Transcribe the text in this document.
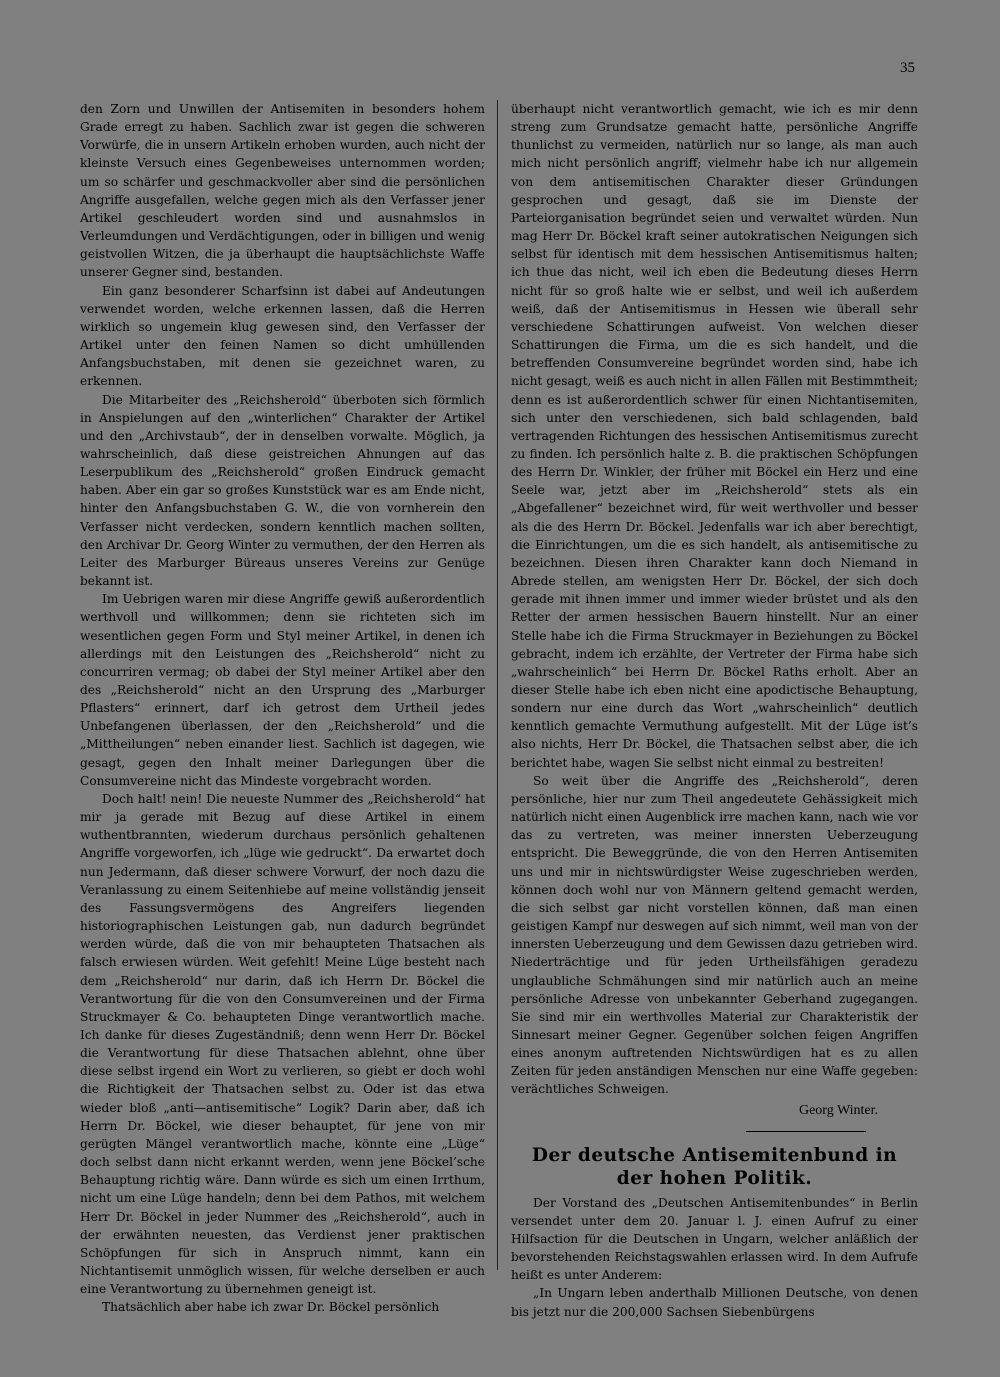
35

den Zorn und Unwillen der Antisemiten in besonders hohem Grade erregt zu haben. Sachlich zwar ist gegen die schweren Vorwürfe, die in unsern Artikeln erhoben wurden, auch nicht der kleinste Versuch eines Gegenbeweises unternommen worden; um so schärfer und geschmackvoller aber sind die persönlichen Angriffe ausgefallen, welche gegen mich als den Verfasser jener Artikel geschleudert worden sind und ausnahmslos in Verleumdungen und Verdächtigungen, oder in billigen und wenig geistvollen Witzen, die ja überhaupt die hauptsächlichste Waffe unserer Gegner sind, bestanden.

Ein ganz besonderer Scharfsinn ist dabei auf Andeutungen verwendet worden, welche erkennen lassen, daß die Herren wirklich so ungemein klug gewesen sind, den Verfasser der Artikel unter den feinen Namen so dicht umhüllenden Anfangsbuchstaben, mit denen sie gezeichnet waren, zu erkennen.

Die Mitarbeiter des „Reichsherold“ überboten sich förmlich in Anspielungen auf den „winterlichen“ Charakter der Artikel und den „Archivstaub“, der in denselben vorwalte. Möglich, ja wahrscheinlich, daß diese geistreichen Ahnungen auf das Leserpublikum des „Reichsherold“ großen Eindruck gemacht haben. Aber ein gar so großes Kunststück war es am Ende nicht, hinter den Anfangsbuchstaben G. W., die von vornherein den Verfasser nicht verdecken, sondern kenntlich machen sollten, den Archivar Dr. Georg Winter zu vermuthen, der den Herren als Leiter des Marburger Büreaus unseres Vereins zur Genüge bekannt ist.

Im Uebrigen waren mir diese Angriffe gewiß außerordentlich werthvoll und willkommen; denn sie richteten sich im wesentlichen gegen Form und Styl meiner Artikel, in denen ich allerdings mit den Leistungen des „Reichsherold“ nicht zu concurriren vermag; ob dabei der Styl meiner Artikel aber den des „Reichsherold“ nicht an den Ursprung des „Marburger Pflasters“ erinnert, darf ich getrost dem Urtheil jedes Unbefangenen überlassen, der den „Reichsherold“ und die „Mittheilungen“ neben einander liest. Sachlich ist dagegen, wie gesagt, gegen den Inhalt meiner Darlegungen über die Consumvereine nicht das Mindeste vorgebracht worden.

Doch halt! nein! Die neueste Nummer des „Reichsherold“ hat mir ja gerade mit Bezug auf diese Artikel in einem wuthentbrannten, wiederum durchaus persönlich gehaltenen Angriffe vorgeworfen, ich „lüge wie gedruckt“. Da erwartet doch nun Jedermann, daß dieser schwere Vorwurf, der noch dazu die Veranlassung zu einem Seitenhiebe auf meine vollständig jenseit des Fassungsvermögens des Angreifers liegenden historiographischen Leistungen gab, nun dadurch begründet werden würde, daß die von mir behaupteten Thatsachen als falsch erwiesen würden. Weit gefehlt! Meine Lüge besteht nach dem „Reichsherold“ nur darin, daß ich Herrn Dr. Böckel die Verantwortung für die von den Consumvereinen und der Firma Struckmayer & Co. behaupteten Dinge verantwortlich mache. Ich danke für dieses Zugeständniß; denn wenn Herr Dr. Böckel die Verantwortung für diese Thatsachen ablehnt, ohne über diese selbst irgend ein Wort zu verlieren, so giebt er doch wohl die Richtigkeit der Thatsachen selbst zu. Oder ist das etwa wieder bloß „anti—antisemitische“ Logik? Darin aber, daß ich Herrn Dr. Böckel, wie dieser behauptet, für jene von mir gerügten Mängel verantwortlich mache, könnte eine „Lüge“ doch selbst dann nicht erkannt werden, wenn jene Böckel’sche Behauptung richtig wäre. Dann würde es sich um einen Irrthum, nicht um eine Lüge handeln; denn bei dem Pathos, mit welchem Herr Dr. Böckel in jeder Nummer des „Reichsherold“, auch in der erwähnten neuesten, das Verdienst jener praktischen Schöpfungen für sich in Anspruch nimmt, kann ein Nichtantisemit unmöglich wissen, für welche derselben er auch eine Verantwortung zu übernehmen geneigt ist.

Thatsächlich aber habe ich zwar Dr. Böckel persönlich

überhaupt nicht verantwortlich gemacht, wie ich es mir denn streng zum Grundsatze gemacht hatte, persönliche Angriffe thunlichst zu vermeiden, natürlich nur so lange, als man auch mich nicht persönlich angriff; vielmehr habe ich nur allgemein von dem antisemitischen Charakter dieser Gründungen gesprochen und gesagt, daß sie im Dienste der Parteiorganisation begründet seien und verwaltet würden. Nun mag Herr Dr. Böckel kraft seiner autokratischen Neigungen sich selbst für identisch mit dem hessischen Antisemitismus halten; ich thue das nicht, weil ich eben die Bedeutung dieses Herrn nicht für so groß halte wie er selbst, und weil ich außerdem weiß, daß der Antisemitismus in Hessen wie überall sehr verschiedene Schattirungen aufweist. Von welchen dieser Schattirungen die Firma, um die es sich handelt, und die betreffenden Consumvereine begründet worden sind, habe ich nicht gesagt, weiß es auch nicht in allen Fällen mit Bestimmtheit; denn es ist außerordentlich schwer für einen Nichtantisemiten, sich unter den verschiedenen, sich bald schlagenden, bald vertragenden Richtungen des hessischen Antisemitismus zurecht zu finden. Ich persönlich halte z. B. die praktischen Schöpfungen des Herrn Dr. Winkler, der früher mit Böckel ein Herz und eine Seele war, jetzt aber im „Reichsherold“ stets als ein „Abgefallener“ bezeichnet wird, für weit werthvoller und besser als die des Herrn Dr. Böckel. Jedenfalls war ich aber berechtigt, die Einrichtungen, um die es sich handelt, als antisemitische zu bezeichnen. Diesen ihren Charakter kann doch Niemand in Abrede stellen, am wenigsten Herr Dr. Böckel, der sich doch gerade mit ihnen immer und immer wieder brüstet und als den Retter der armen hessischen Bauern hinstellt. Nur an einer Stelle habe ich die Firma Struckmayer in Beziehungen zu Böckel gebracht, indem ich erzählte, der Vertreter der Firma habe sich „wahrscheinlich“ bei Herrn Dr. Böckel Raths erholt. Aber an dieser Stelle habe ich eben nicht eine apodictische Behauptung, sondern nur eine durch das Wort „wahrscheinlich“ deutlich kenntlich gemachte Vermuthung aufgestellt. Mit der Lüge ist’s also nichts, Herr Dr. Böckel, die Thatsachen selbst aber, die ich berichtet habe, wagen Sie selbst nicht einmal zu bestreiten!

So weit über die Angriffe des „Reichsherold“, deren persönliche, hier nur zum Theil angedeutete Gehässigkeit mich natürlich nicht einen Augenblick irre machen kann, nach wie vor das zu vertreten, was meiner innersten Ueberzeugung entspricht. Die Beweggründe, die von den Herren Antisemiten uns und mir in nichtswürdigster Weise zugeschrieben werden, können doch wohl nur von Männern geltend gemacht werden, die sich selbst gar nicht vorstellen können, daß man einen geistigen Kampf nur deswegen auf sich nimmt, weil man von der innersten Ueberzeugung und dem Gewissen dazu getrieben wird. Niederträchtige und für jeden Urtheilsfähigen geradezu unglaubliche Schmähungen sind mir natürlich auch an meine persönliche Adresse von unbekannter Geberhand zugegangen. Sie sind mir ein werthvolles Material zur Charakteristik der Sinnesart meiner Gegner. Gegenüber solchen feigen Angriffen eines anonym auftretenden Nichtswürdigen hat es zu allen Zeiten für jeden anständigen Menschen nur eine Waffe gegeben: verächtliches Schweigen.

Georg Winter.
Der deutsche Antisemitenbund in der hohen Politik.

Der Vorstand des „Deutschen Antisemitenbundes“ in Berlin versendet unter dem 20. Januar l. J. einen Aufruf zu einer Hilfsaction für die Deutschen in Ungarn, welcher anläßlich der bevorstehenden Reichstagswahlen erlassen wird. In dem Aufrufe heißt es unter Anderem:

„In Ungarn leben anderthalb Millionen Deutsche, von denen bis jetzt nur die 200,000 Sachsen Siebenbürgens
